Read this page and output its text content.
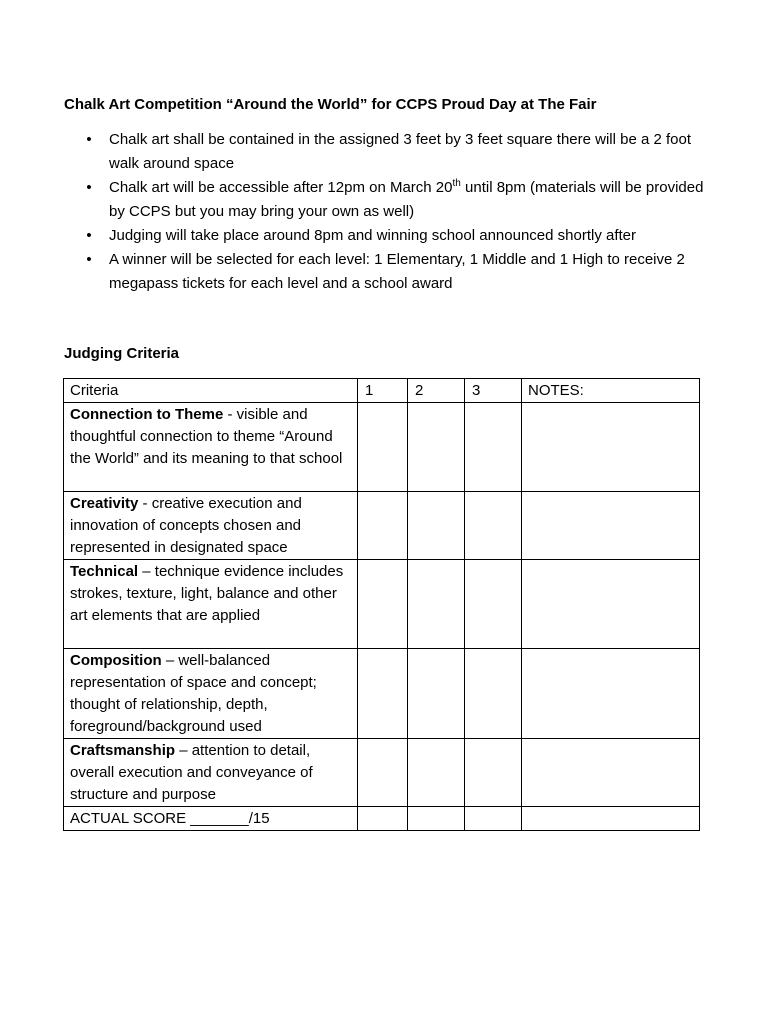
Chalk Art Competition “Around the World” for CCPS Proud Day at The Fair
• Chalk art shall be contained in the assigned 3 feet by 3 feet square there will be a 2 foot walk around space
• Chalk art will be accessible after 12pm on March 20th until 8pm (materials will be provided by CCPS but you may bring your own as well)
• Judging will take place around 8pm and winning school announced shortly after
• A winner will be selected for each level: 1 Elementary, 1 Middle and 1 High to receive 2 megapass tickets for each level and a school award
Judging Criteria
Criteria	1	2	3	NOTES:
Connection to Theme - visible and thoughtful connection to theme “Around the World” and its meaning to that school				
Creativity - creative execution and innovation of concepts chosen and represented in designated space				
Technical – technique evidence includes strokes, texture, light, balance and other art elements that are applied				
Composition – well-balanced representation of space and concept; thought of relationship, depth, foreground/background used				
Craftsmanship – attention to detail, overall execution and conveyance of structure and purpose				
ACTUAL SCORE _______/15				
